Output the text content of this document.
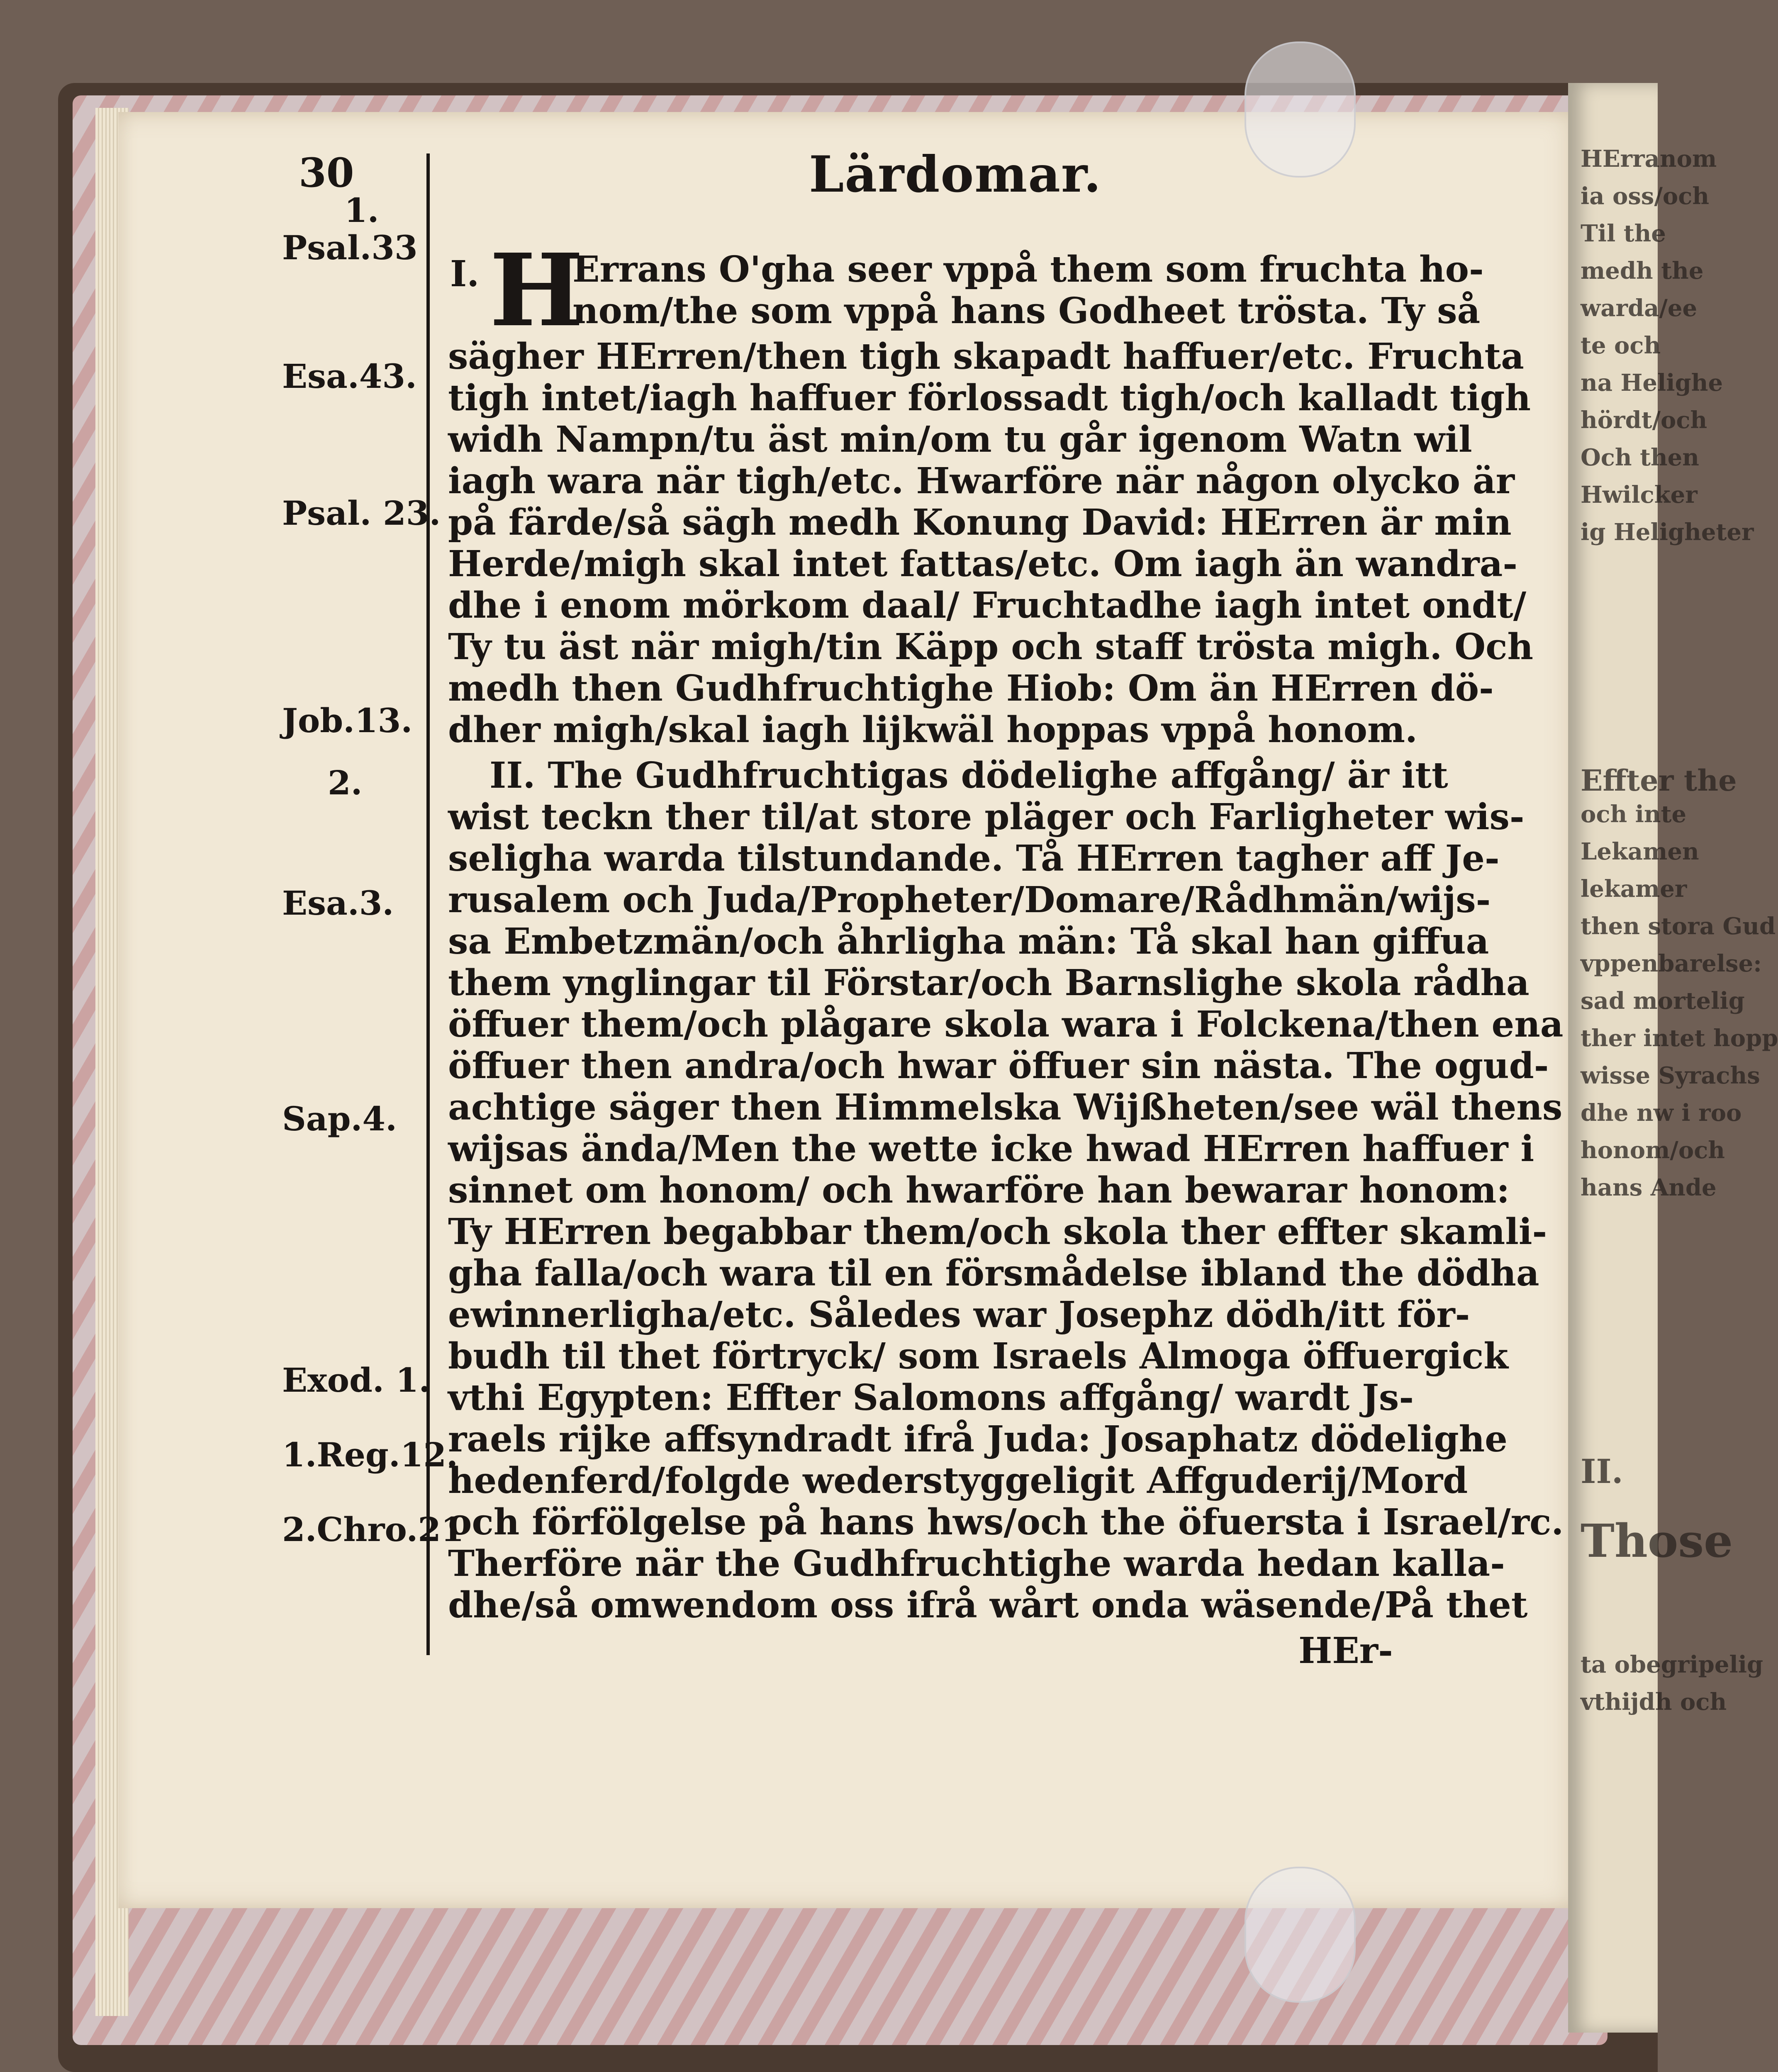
30	Lärdomar.
1.
Psal.33
Esa.43.
Psal. 23.
Job.13.
2.
Esa.3.
Sap.4.
Exod. 1.
1.Reg.12.
2.Chro.21
I. H
Errans O'gha seer vppå them som fruchta ho-
nom/the som vppå hans Godheet trösta. Ty så
sägher HErren/then tigh skapadt haffuer/etc. Fruchta
tigh intet/iagh haffuer förlossadt tigh/och kalladt tigh
widh Nampn/tu äst min/om tu går igenom Watn wil
iagh wara när tigh/etc. Hwarföre när någon olycko är
på färde/så sägh medh Konung David: HErren är min
Herde/migh skal intet fattas/etc. Om iagh än wandra-
dhe i enom mörkom daal/ Fruchtadhe iagh intet ondt/
Ty tu äst när migh/tin Käpp och staff trösta migh. Och
medh then Gudhfruchtighe Hiob: Om än HErren dö-
dher migh/skal iagh lijkwäl hoppas vppå honom.
II. The Gudhfruchtigas dödelighe affgång/ är itt
wist teckn ther til/at store pläger och Farligheter wis-
seligha warda tilstundande. Tå HErren tagher aff Je-
rusalem och Juda/Propheter/Domare/Rådhmän/wijs-
sa Embetzmän/och åhrligha män: Tå skal han giffua
them ynglingar til Förstar/och Barnslighe skola rådha
öffuer them/och plågare skola wara i Folckena/then ena
öffuer then andra/och hwar öffuer sin nästa. The ogud-
achtige säger then Himmelska Wijßheten/see wäl thens
wijsas ända/Men the wette icke hwad HErren haffuer i
sinnet om honom/ och hwarföre han bewarar honom:
Ty HErren begabbar them/och skola ther effter skamli-
gha falla/och wara til en försmådelse ibland the dödha
ewinnerligha/etc. Således war Josephz dödh/itt för-
budh til thet förtryck/ som Israels Almoga öffuergick
vthi Egypten: Effter Salomons affgång/ wardt Js-
raels rijke affsyndradt ifrå Juda: Josaphatz dödelighe
hedenferd/folgde wederstyggeligit Affguderij/Mord
och förfölgelse på hans hws/och the öfuersta i Israel/rc.
Therföre när the Gudhfruchtighe warda hedan kalla-
dhe/så omwendom oss ifrå wårt onda wäsende/På thet
HEr-
HErranom
ia oss/och
Til the
medh the
warda/ee
te och
na Helighe
hördt/och
Och then
Hwilcker
ig Heligheter
Effter the
och inte
Lekamen
lekamer
then stora Gud
vppenbarelse:
sad mortelig
ther intet hopp
wisse Syrachs
dhe nw i roo
honom/och
hans Ande
II.
Those
ta obegripelig
vthijdh och
